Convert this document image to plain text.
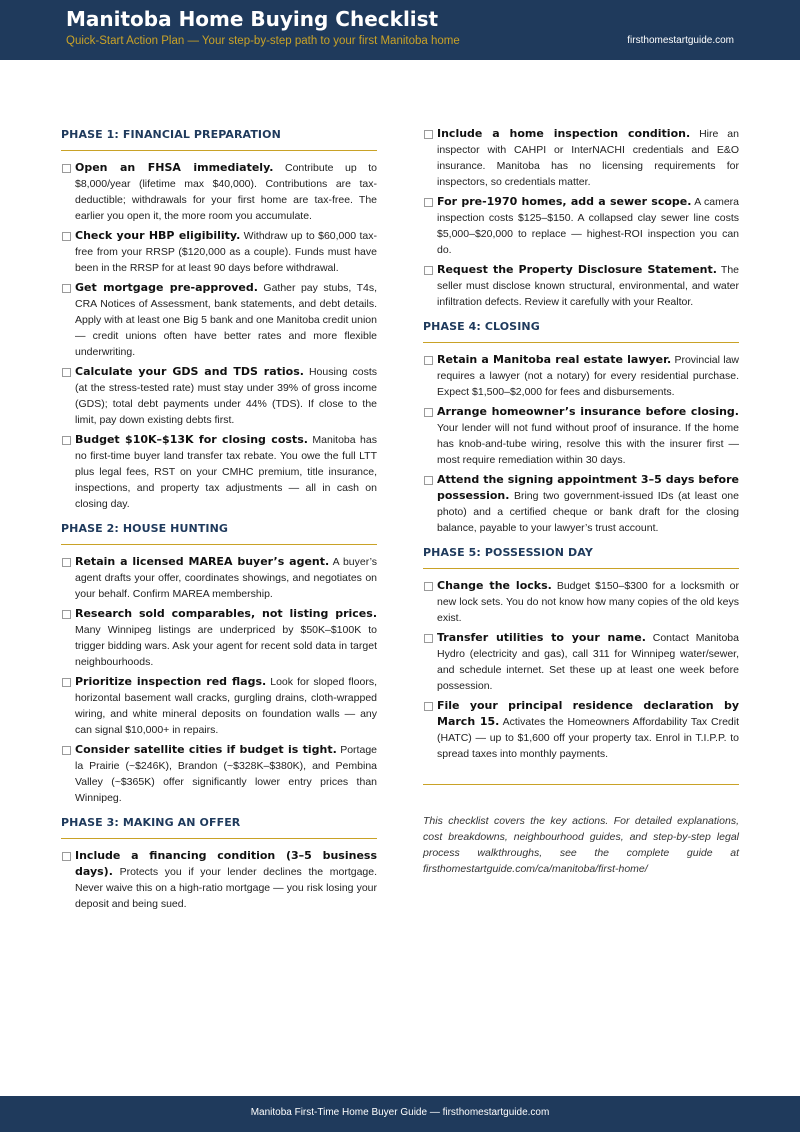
Manitoba Home Buying Checklist
Quick-Start Action Plan — Your step-by-step path to your first Manitoba home	firsthomestartguide.com
PHASE 1: FINANCIAL PREPARATION
Open an FHSA immediately. Contribute up to $8,000/year (lifetime max $40,000). Contributions are tax-deductible; withdrawals for your first home are tax-free. The earlier you open it, the more room you accumulate.
Check your HBP eligibility. Withdraw up to $60,000 tax-free from your RRSP ($120,000 as a couple). Funds must have been in the RRSP for at least 90 days before withdrawal.
Get mortgage pre-approved. Gather pay stubs, T4s, CRA Notices of Assessment, bank statements, and debt details. Apply with at least one Big 5 bank and one Manitoba credit union — credit unions often have better rates and more flexible underwriting.
Calculate your GDS and TDS ratios. Housing costs (at the stress-tested rate) must stay under 39% of gross income (GDS); total debt payments under 44% (TDS). If close to the limit, pay down existing debts first.
Budget $10K–$13K for closing costs. Manitoba has no first-time buyer land transfer tax rebate. You owe the full LTT plus legal fees, RST on your CMHC premium, title insurance, inspections, and property tax adjustments — all in cash on closing day.
PHASE 2: HOUSE HUNTING
Retain a licensed MAREA buyer’s agent. A buyer’s agent drafts your offer, coordinates showings, and negotiates on your behalf. Confirm MAREA membership.
Research sold comparables, not listing prices. Many Winnipeg listings are underpriced by $50K–$100K to trigger bidding wars. Ask your agent for recent sold data in target neighbourhoods.
Prioritize inspection red flags. Look for sloped floors, horizontal basement wall cracks, gurgling drains, cloth-wrapped wiring, and white mineral deposits on foundation walls — any can signal $10,000+ in repairs.
Consider satellite cities if budget is tight. Portage la Prairie (~$246K), Brandon (~$328K–$380K), and Pembina Valley (~$365K) offer significantly lower entry prices than Winnipeg.
PHASE 3: MAKING AN OFFER
Include a financing condition (3–5 business days). Protects you if your lender declines the mortgage. Never waive this on a high-ratio mortgage — you risk losing your deposit and being sued.
Include a home inspection condition. Hire an inspector with CAHPI or InterNACHI credentials and E&O insurance. Manitoba has no licensing requirements for inspectors, so credentials matter.
For pre-1970 homes, add a sewer scope. A camera inspection costs $125–$150. A collapsed clay sewer line costs $5,000–$20,000 to replace — highest-ROI inspection you can do.
Request the Property Disclosure Statement. The seller must disclose known structural, environmental, and water infiltration defects. Review it carefully with your Realtor.
PHASE 4: CLOSING
Retain a Manitoba real estate lawyer. Provincial law requires a lawyer (not a notary) for every residential purchase. Expect $1,500–$2,000 for fees and disbursements.
Arrange homeowner’s insurance before closing. Your lender will not fund without proof of insurance. If the home has knob-and-tube wiring, resolve this with the insurer first — most require remediation within 30 days.
Attend the signing appointment 3–5 days before possession. Bring two government-issued IDs (at least one photo) and a certified cheque or bank draft for the closing balance, payable to your lawyer’s trust account.
PHASE 5: POSSESSION DAY
Change the locks. Budget $150–$300 for a locksmith or new lock sets. You do not know how many copies of the old keys exist.
Transfer utilities to your name. Contact Manitoba Hydro (electricity and gas), call 311 for Winnipeg water/sewer, and schedule internet. Set these up at least one week before possession.
File your principal residence declaration by March 15. Activates the Homeowners Affordability Tax Credit (HATC) — up to $1,600 off your property tax. Enrol in T.I.P.P. to spread taxes into monthly payments.
This checklist covers the key actions. For detailed explanations, cost breakdowns, neighbourhood guides, and step-by-step legal process walkthroughs, see the complete guide at firsthomestartguide.com/ca/manitoba/first-home/
Manitoba First-Time Home Buyer Guide — firsthomestartguide.com
